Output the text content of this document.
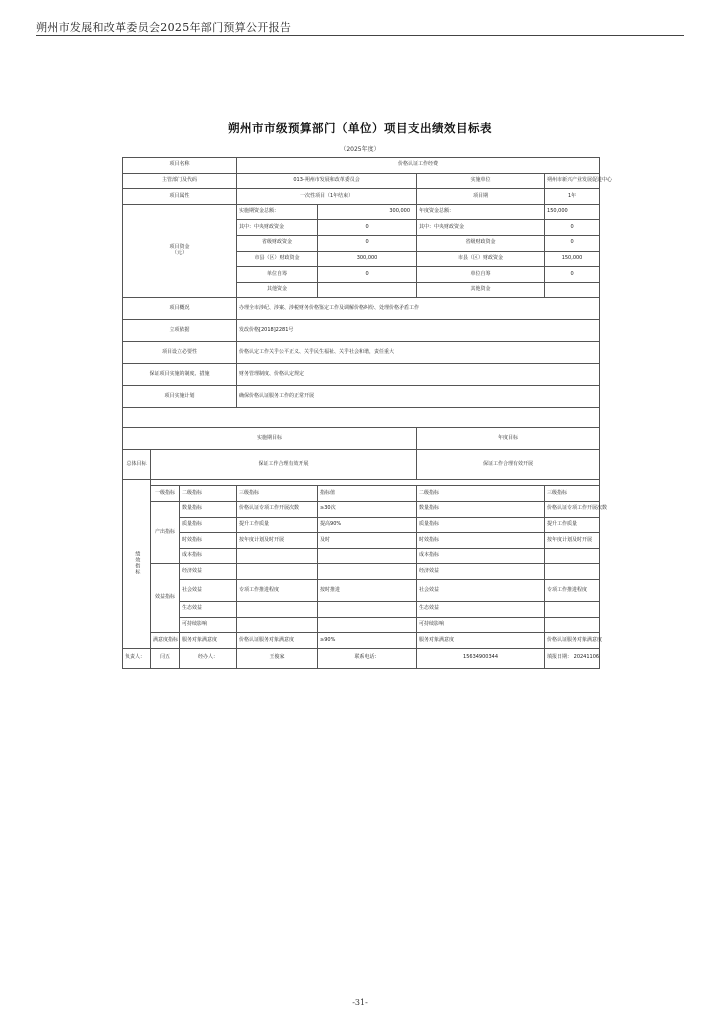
朔州市发展和改革委员会2025年部门预算公开报告
朔州市市级预算部门（单位）项目支出绩效目标表
（2025年度）
项目名称			价格认证工作经费			
主管部门及代码			013-朔州市发展和改革委员会		实施单位	朔州市新兴产业发展促进中心
项目属性			一次性项目（1年结束）		项目期	1年
项目资金
（元）			实施期资金总额：	300,000	年度资金总额：	150,000
			其中：中央财政资金	0	其中：中央财政资金	0
			省级财政资金	0	省级财政资金	0
			市县（区）财政资金	300,000	市县（区）财政资金	150,000
			单位自筹	0	单位自筹	0
			其他资金		其他资金	
项目概况			办理全市涉纪、涉案、涉税财务价格鉴定工作及调解价格纠纷、处理价格矛盾工作			
立项依据			发改价格[2018]2281号			
项目设立必要性			价格认定工作关乎公平正义、关乎民生福祉、关乎社会和谐，责任重大			
保证项目实施的制度、措施			财务管理制度、价格认定规定			
项目实施计划			确保价格认证服务工作的正常开展			

实施期目标					年度目标	
总体目标	保证工作合理有效开展				保证工作合理有效开展	
绩效指标						
	一级指标	二级指标	三级指标	指标值	二级指标	三级指标
	产出指标	数量指标	价格认证专项工作开展次数	≥30次	数量指标	价格认证专项工作开展次数
		质量指标	提升工作质量	提高90%	质量指标	提升工作质量
		时效指标	按年度计划及时开展	及时	时效指标	按年度计划及时开展
		成本指标			成本指标	
	效益指标	经济效益			经济效益	
		社会效益	专项工作推进程度	按时推进	社会效益	专项工作推进程度
		生态效益			生态效益	
		可持续影响			可持续影响	
	满意度指标	服务对象满意度	价格认证服务对象满意度	≥90%	服务对象满意度	价格认证服务对象满意度
负责人：	闫五	经办人：	王俊家	联系电话：	15634900344	填报日期： 20241106
-31-
